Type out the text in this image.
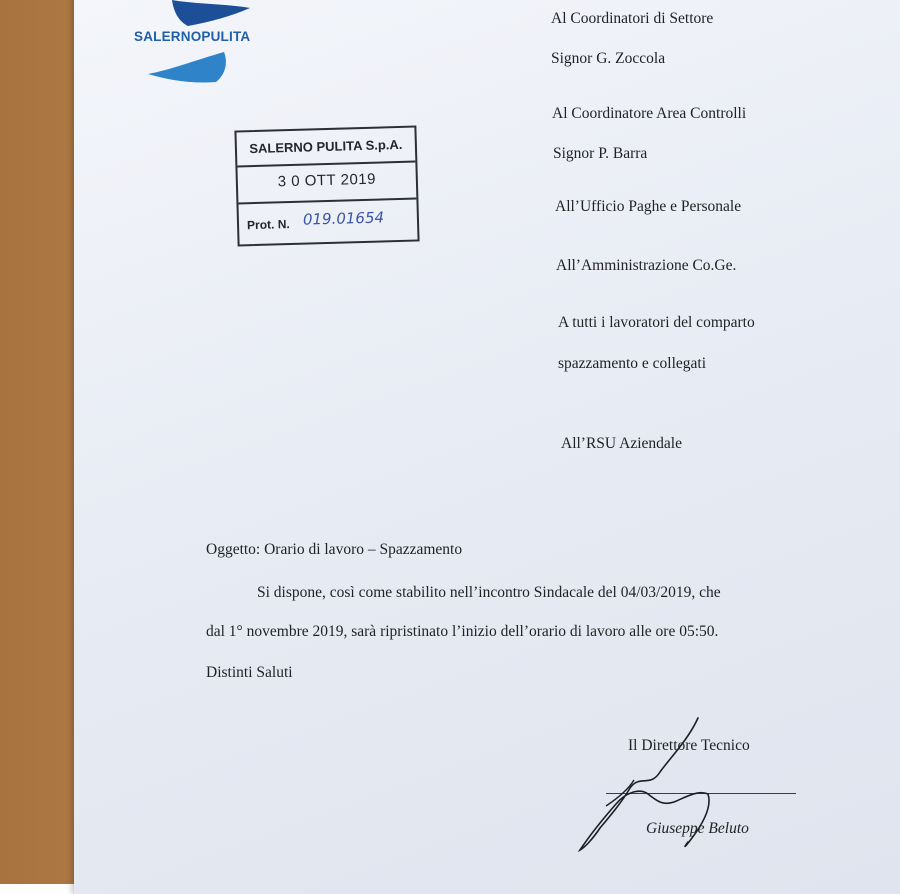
SALERNOPULITA
SALERNO PULITA S.p.A.
3 0 OTT 2019
Prot. N. 019.01654
Al Coordinatori di Settore
Signor G. Zoccola
Al Coordinatore Area Controlli
Signor P. Barra
All’Ufficio Paghe e Personale
All’Amministrazione Co.Ge.
A tutti i lavoratori del comparto
spazzamento e collegati
All’RSU Aziendale
Oggetto: Orario di lavoro – Spazzamento
Si dispone, così come stabilito nell’incontro Sindacale del 04/03/2019, che
dal 1° novembre 2019, sarà ripristinato l’inizio dell’orario di lavoro alle ore 05:50.
Distinti Saluti
Il Direttore Tecnico
Giuseppe Beluto
